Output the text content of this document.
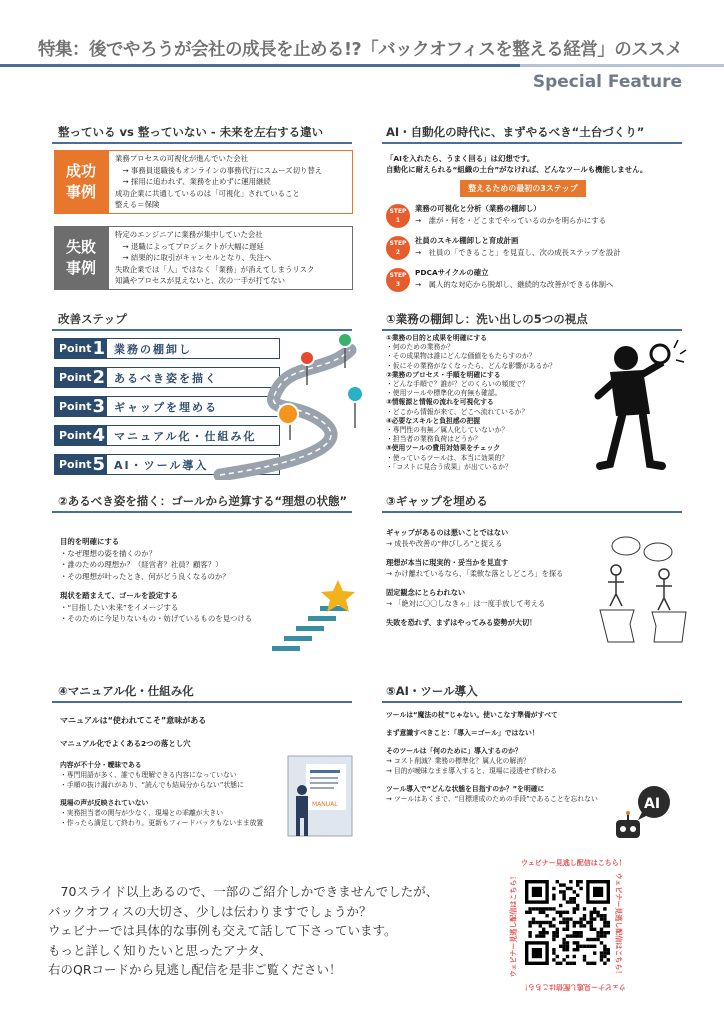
特集：後でやろうが会社の成長を止める!?「バックオフィスを整える経営」のススメ
Special Feature
整っている vs 整っていない - 未来を左右する違い
成功
事例
業務プロセスの可視化が進んでいた会社
　→ 事務員退職後もオンラインの事務代行にスムーズ切り替え
　→ 採用に追われず、業務を止めずに運用継続
成功企業に共通しているのは「可視化」されていること
整える＝保険
失敗
事例
特定のエンジニアに業務が集中していた会社
　→ 退職によってプロジェクトが大幅に遅延
　→ 結果的に取引がキャンセルとなり、失注へ
失敗企業では「人」ではなく「業務」が消えてしまうリスク
知識やプロセスが見えないと、次の一手が打てない
AI・自動化の時代に、まずやるべき“土台づくり”
「AIを入れたら、うまく回る」は幻想です。
自動化に耐えられる“組織の土台”がなければ、どんなツールも機能しません。
整えるための最初の3ステップ
STEP
1
業務の可視化と分析（業務の棚卸し）
→　誰が・何を・どこまでやっているのかを明らかにする
STEP
2
社員のスキル棚卸しと育成計画
→　社員の「できること」を見直し、次の成長ステップを設計
STEP
3
PDCAサイクルの確立
→　属人的な対応から脱却し、継続的な改善ができる体制へ
改善ステップ
Point 1 業務の棚卸し
Point 2 あるべき姿を描く
Point 3 ギャップを埋める
Point 4 マニュアル化・仕組み化
Point 5 AI・ツール導入
①業務の棚卸し：洗い出しの5つの視点
①業務の目的と成果を明確にする
・何のための業務か？
・その成果物は誰にどんな価値をもたらすのか？
・仮にその業務がなくなったら、どんな影響があるか？
②業務のプロセス・手順を明確にする
・どんな手順で？誰が？どのくらいの頻度で？
・使用ツールや標準化の有無も確認。
③情報源と情報の流れを可視化する
・どこから情報が来て、どこへ流れているか？
④必要なスキルと負担感の把握
・専門性の有無／属人化していないか？
・担当者の業務負荷はどうか？
⑤使用ツールの費用対効果をチェック
・使っているツールは、本当に効果的？
・「コストに見合う成果」が出ているか？
②あるべき姿を描く：ゴールから逆算する“理想の状態”
目的を明確にする
・なぜ理想の姿を描くのか？
・誰のための理想か？（経営者？社員？顧客？）
・その理想が叶ったとき、何がどう良くなるのか？
現状を踏まえて、ゴールを設定する
・“目指したい未来”をイメージする
・そのために今足りないもの・妨げているものを見つける
③ギャップを埋める
ギャップがあるのは悪いことではない
→ 成長や改善の“伸びしろ”と捉える
理想が本当に現実的・妥当かを見直す
→ かけ離れているなら、「柔軟な落としどころ」を探る
固定観念にとらわれない
→ 「絶対に〇〇しなきゃ」は一度手放して考える
失敗を恐れず、まずはやってみる姿勢が大切！
④マニュアル化・仕組み化
マニュアルは“使われてこそ”意味がある
マニュアル化でよくある2つの落とし穴
内容が不十分・曖昧である
・専門用語が多く、誰でも理解できる内容になっていない
・手順の抜け漏れがあり、“読んでも結局分からない”状態に
現場の声が反映されていない
・実務担当者の関与が少なく、現場との乖離が大きい
・作ったら満足して終わり。更新もフィードバックもないまま放置
MANUAL
⑤AI・ツール導入
ツールは“魔法の杖”じゃない。使いこなす準備がすべて
まず意識すべきこと：「導入＝ゴール」ではない！
そのツールは「何のために」導入するのか？
→ コスト削減？業務の標準化？属人化の解消？
→ 目的が曖昧なまま導入すると、現場に浸透せず終わる
ツール導入で“どんな状態を目指すのか？”を明確に
→ ツールはあくまで、“目標達成のための手段”であることを忘れない	AI
　70スライド以上あるので、一部のご紹介しかできませんでしたが、
バックオフィスの大切さ、少しは伝わりますでしょうか？
ウェビナーでは具体的な事例も交えて話して下さっています。
もっと詳しく知りたいと思ったアナタ、
右のQRコードから見逃し配信を是非ご覧ください！
ウェビナー見逃し配信はこちら！
ウェビナー見逃し配信はこちら！
ウェビナー見逃し配信はこちら！	ウェビナー見逃し配信はこちら！
